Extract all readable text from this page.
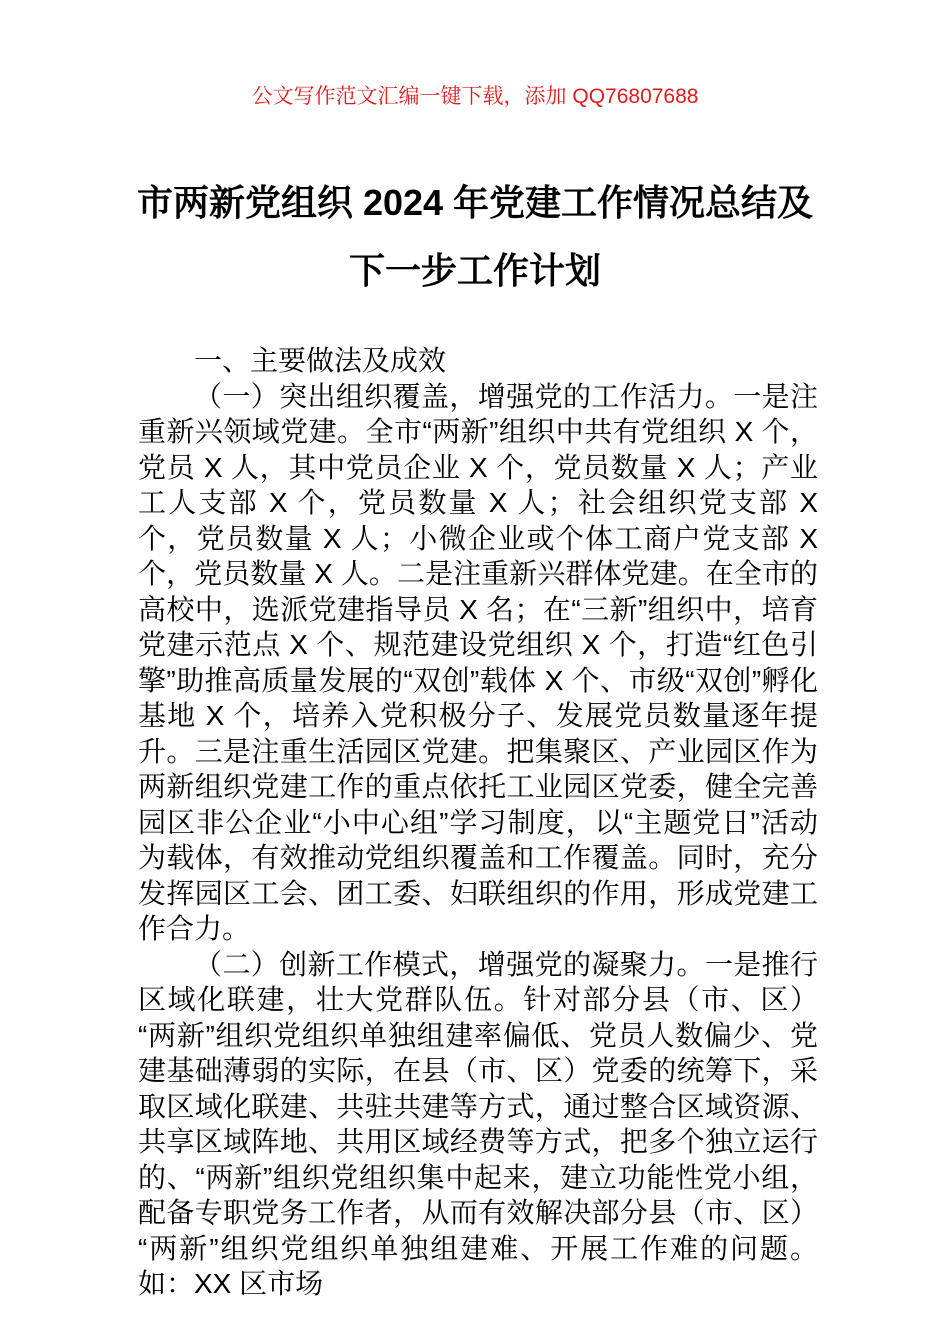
公文写作范文汇编一键下载，添加 QQ76807688
市两新党组织 2024 年党建工作情况总结及
下一步工作计划

一、主要做法及成效

（一）突出组织覆盖，增强党的工作活力。一是注重新兴领域党建。全市“两新”组织中共有党组织 X 个，党员 X 人，其中党员企业 X 个，党员数量 X 人；产业工人支部 X 个，党员数量 X 人；社会组织党支部 X 个，党员数量 X 人；小微企业或个体工商户党支部 X 个，党员数量 X 人。二是注重新兴群体党建。在全市的高校中，选派党建指导员 X 名；在“三新”组织中，培育党建示范点 X 个、规范建设党组织 X 个，打造“红色引擎”助推高质量发展的“双创”载体 X 个、市级“双创”孵化基地 X 个，培养入党积极分子、发展党员数量逐年提升。三是注重生活园区党建。把集聚区、产业园区作为两新组织党建工作的重点依托工业园区党委，健全完善园区非公企业“小中心组”学习制度，以“主题党日”活动为载体，有效推动党组织覆盖和工作覆盖。同时，充分发挥园区工会、团工委、妇联组织的作用，形成党建工作合力。

（二）创新工作模式，增强党的凝聚力。一是推行区域化联建，壮大党群队伍。针对部分县（市、区）“两新”组织党组织单独组建率偏低、党员人数偏少、党建基础薄弱的实际，在县（市、区）党委的统筹下，采取区域化联建、共驻共建等方式，通过整合区域资源、共享区域阵地、共用区域经费等方式，把多个独立运行的、“两新”组织党组织集中起来，建立功能性党小组，配备专职党务工作者，从而有效解决部分县（市、区）“两新”组织党组织单独组建难、开展工作难的问题。如：XX 区市场
